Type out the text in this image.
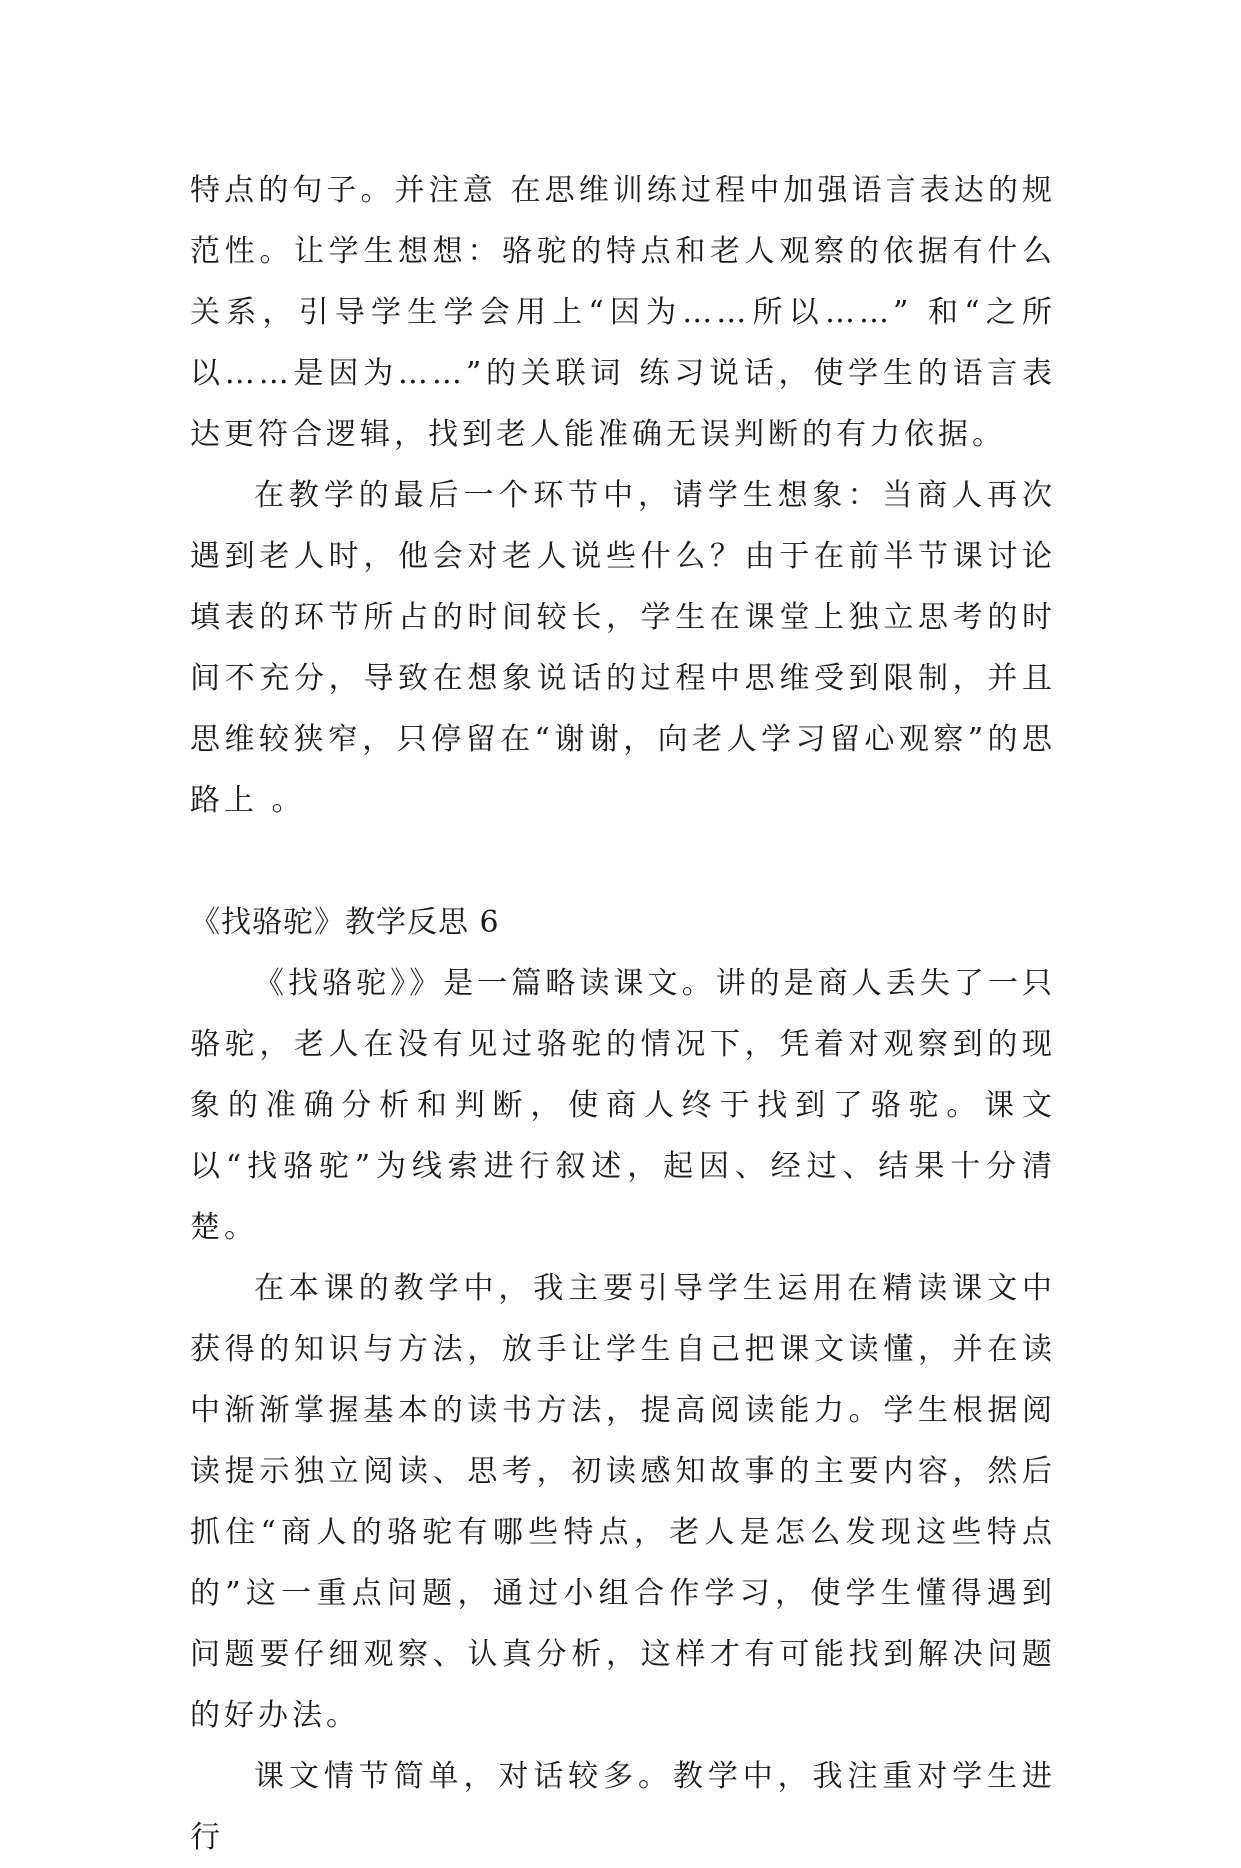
特点的句子。并注意 在思维训练过程中加强语言表达的规范性。让学生想想：骆驼的特点和老人观察的依据有什么关系，引导学生学会用上“因为……所以……” 和“之所以……是因为……”的关联词 练习说话，使学生的语言表达更符合逻辑，找到老人能准确无误判断的有力依据。

在教学的最后一个环节中，请学生想象：当商人再次遇到老人时，他会对老人说些什么？由于在前半节课讨论填表的环节所占的时间较长，学生在课堂上独立思考的时间不充分，导致在想象说话的过程中思维受到限制，并且思维较狭窄，只停留在“谢谢，向老人学习留心观察”的思路上 。

《找骆驼》教学反思 6

《找骆驼》》是一篇略读课文。讲的是商人丢失了一只骆驼，老人在没有见过骆驼的情况下，凭着对观察到的现象的准确分析和判断，使商人终于找到了骆驼。课文以“找骆驼”为线索进行叙述，起因、经过、结果十分清楚。

在本课的教学中，我主要引导学生运用在精读课文中获得的知识与方法，放手让学生自己把课文读懂，并在读中渐渐掌握基本的读书方法，提高阅读能力。学生根据阅读提示独立阅读、思考，初读感知故事的主要内容，然后抓住“商人的骆驼有哪些特点，老人是怎么发现这些特点的”这一重点问题，通过小组合作学习，使学生懂得遇到问题要仔细观察、认真分析，这样才有可能找到解决问题的好办法。

课文情节简单，对话较多。教学中，我注重对学生进行
